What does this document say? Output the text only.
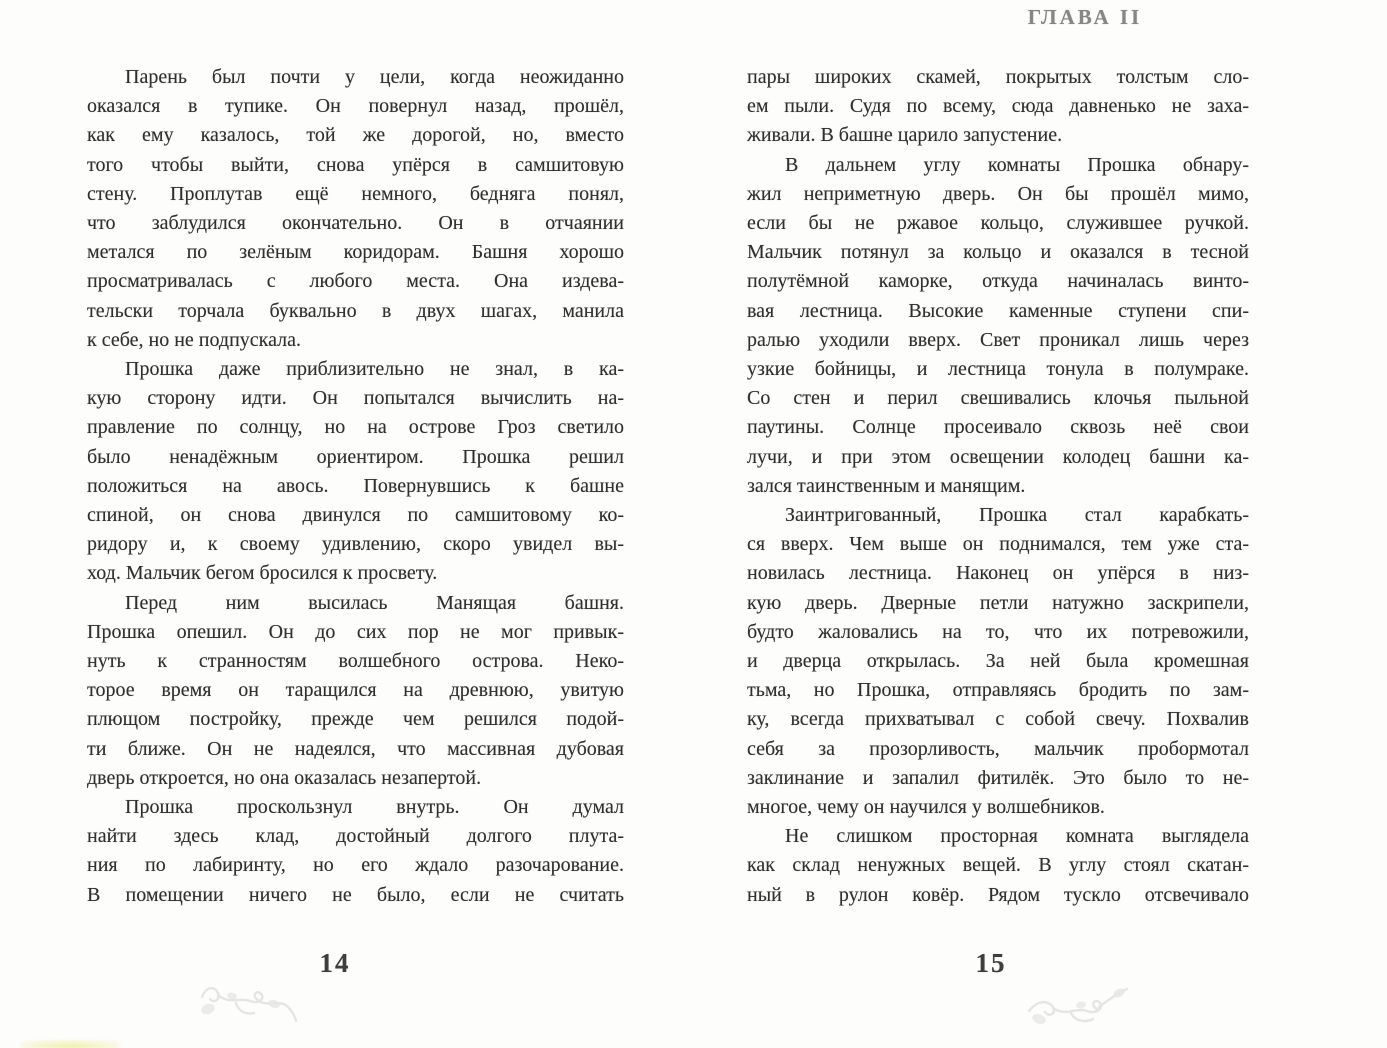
ГЛАВА II
Парень был почти у цели, когда неожиданно
оказался в тупике. Он повернул назад, прошёл,
как ему казалось, той же дорогой, но, вместо
того чтобы выйти, снова упёрся в самшитовую
стену. Проплутав ещё немного, бедняга понял,
что заблудился окончательно. Он в отчаянии
метался по зелёным коридорам. Башня хорошо
просматривалась с любого места. Она издева-
тельски торчала буквально в двух шагах, манила
к себе, но не подпускала.
Прошка даже приблизительно не знал, в ка-
кую сторону идти. Он попытался вычислить на-
правление по солнцу, но на острове Гроз светило
было ненадёжным ориентиром. Прошка решил
положиться на авось. Повернувшись к башне
спиной, он снова двинулся по самшитовому ко-
ридору и, к своему удивлению, скоро увидел вы-
ход. Мальчик бегом бросился к просвету.
Перед ним высилась Манящая башня.
Прошка опешил. Он до сих пор не мог привык-
нуть к странностям волшебного острова. Неко-
торое время он таращился на древнюю, увитую
плющом постройку, прежде чем решился подой-
ти ближе. Он не надеялся, что массивная дубовая
дверь откроется, но она оказалась незапертой.
Прошка проскользнул внутрь. Он думал
найти здесь клад, достойный долгого плута-
ния по лабиринту, но его ждало разочарование.
В помещении ничего не было, если не считать
пары широких скамей, покрытых толстым сло-
ем пыли. Судя по всему, сюда давненько не заха-
живали. В башне царило запустение.
В дальнем углу комнаты Прошка обнару-
жил неприметную дверь. Он бы прошёл мимо,
если бы не ржавое кольцо, служившее ручкой.
Мальчик потянул за кольцо и оказался в тесной
полутёмной каморке, откуда начиналась винто-
вая лестница. Высокие каменные ступени спи-
ралью уходили вверх. Свет проникал лишь через
узкие бойницы, и лестница тонула в полумраке.
Со стен и перил свешивались клочья пыльной
паутины. Солнце просеивало сквозь неё свои
лучи, и при этом освещении колодец башни ка-
зался таинственным и манящим.
Заинтригованный, Прошка стал карабкать-
ся вверх. Чем выше он поднимался, тем уже ста-
новилась лестница. Наконец он упёрся в низ-
кую дверь. Дверные петли натужно заскрипели,
будто жаловались на то, что их потревожили,
и дверца открылась. За ней была кромешная
тьма, но Прошка, отправляясь бродить по зам-
ку, всегда прихватывал с собой свечу. Похвалив
себя за прозорливость, мальчик пробормотал
заклинание и запалил фитилёк. Это было то не-
многое, чему он научился у волшебников.
Не слишком просторная комната выглядела
как склад ненужных вещей. В углу стоял скатан-
ный в рулон ковёр. Рядом тускло отсвечивало
14	15
